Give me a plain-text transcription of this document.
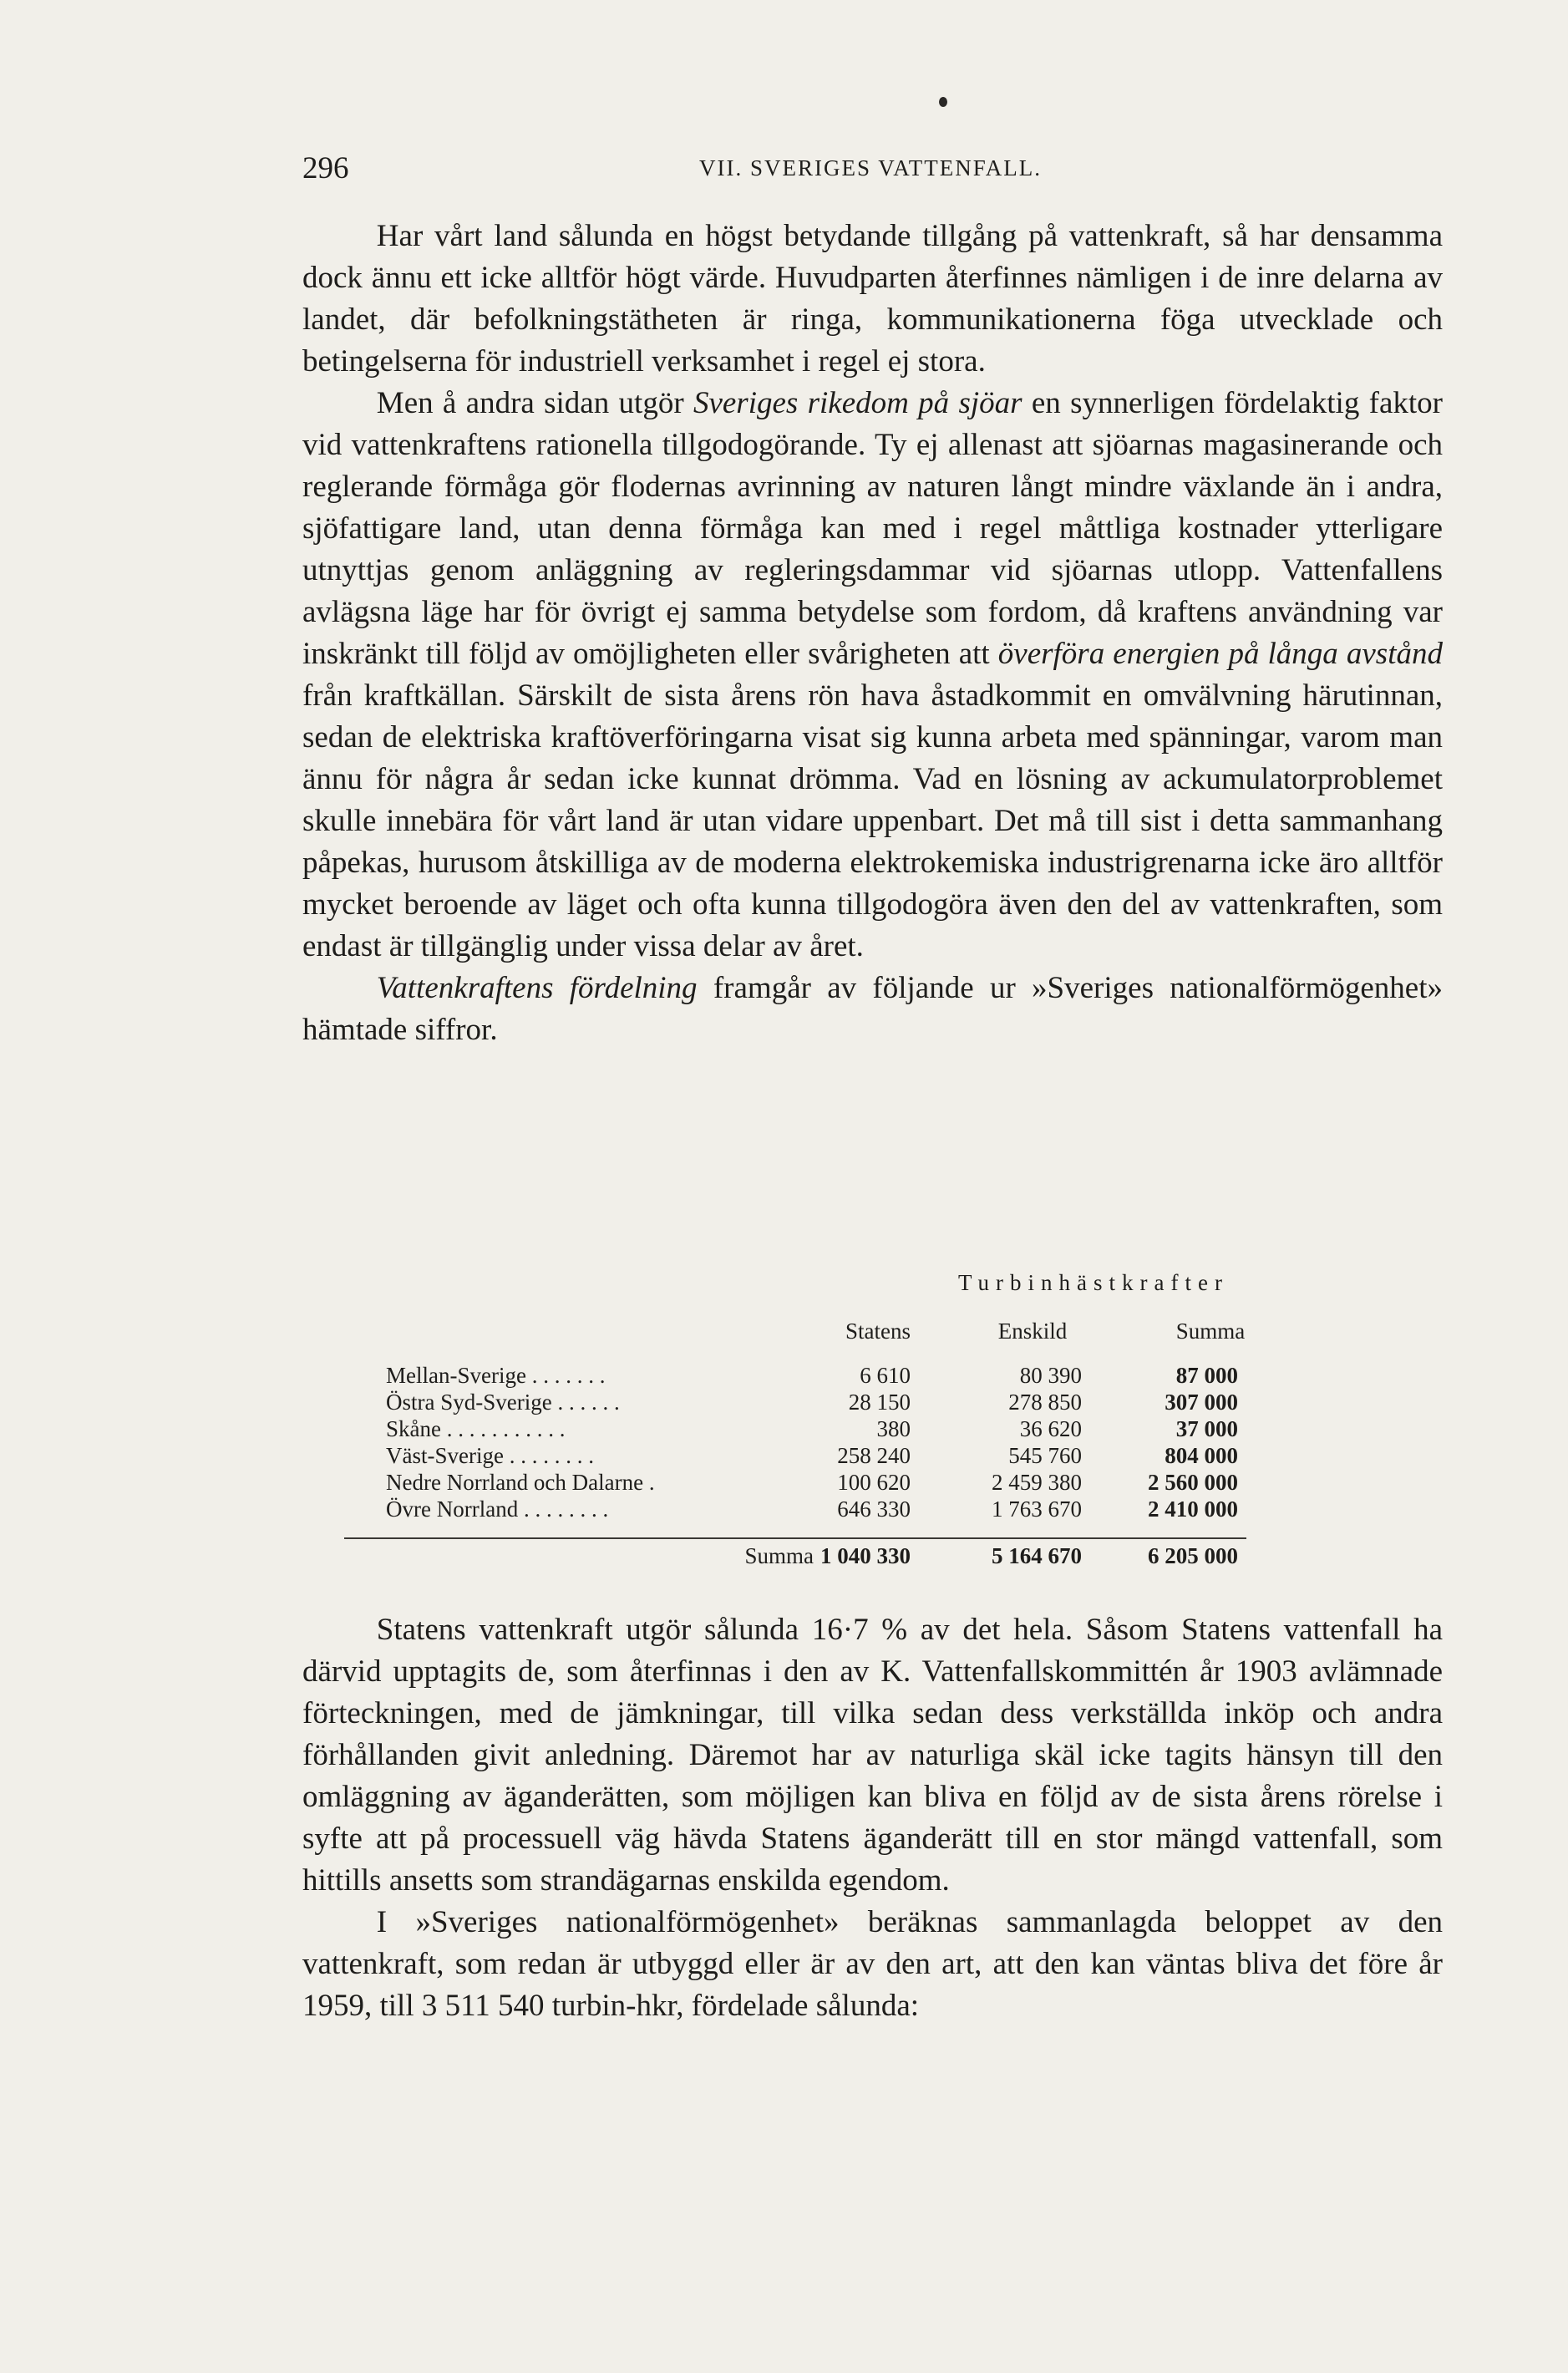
296	VII. SVERIGES VATTENFALL.

Har vårt land sålunda en högst betydande tillgång på vattenkraft, så har densamma dock ännu ett icke alltför högt värde. Huvudparten återfinnes nämligen i de inre delarna av landet, där befolkningstätheten är ringa, kommunikationerna föga utvecklade och betingelserna för industriell verksamhet i regel ej stora.

Men å andra sidan utgör Sveriges rikedom på sjöar en synnerligen fördelaktig faktor vid vattenkraftens rationella tillgodogörande. Ty ej allenast att sjöarnas magasinerande och reglerande förmåga gör flodernas avrinning av naturen långt mindre växlande än i andra, sjöfattigare land, utan denna förmåga kan med i regel måttliga kostnader ytterligare utnyttjas genom anläggning av regleringsdammar vid sjöarnas utlopp. Vattenfallens avlägsna läge har för övrigt ej samma betydelse som fordom, då kraftens användning var inskränkt till följd av omöjligheten eller svårigheten att överföra energien på långa avstånd från kraftkällan. Särskilt de sista årens rön hava åstadkommit en omvälvning härutinnan, sedan de elektriska kraftöverföringarna visat sig kunna arbeta med spänningar, varom man ännu för några år sedan icke kunnat drömma. Vad en lösning av ackumulatorproblemet skulle innebära för vårt land är utan vidare uppenbart. Det må till sist i detta sammanhang påpekas, hurusom åtskilliga av de moderna elektrokemiska industrigrenarna icke äro alltför mycket beroende av läget och ofta kunna tillgodogöra även den del av vattenkraften, som endast är tillgänglig under vissa delar av året.

Vattenkraftens fördelning framgår av följande ur »Sveriges nationalförmögenhet» hämtade siffror.

Turbinhästkrafter
Statens	Enskild	Summa
Mellan-Sverige . . . . . . .	6 610	80 390	87 000
Östra Syd-Sverige . . . . . .	28 150	278 850	307 000
Skåne . . . . . . . . . . .	380	36 620	37 000
Väst-Sverige . . . . . . . .	258 240	545 760	804 000
Nedre Norrland och Dalarne .	100 620	2 459 380	2 560 000
Övre Norrland . . . . . . . .	646 330	1 763 670	2 410 000
Summa 1 040 330	5 164 670	6 205 000

Statens vattenkraft utgör sålunda 16·7 % av det hela. Såsom Statens vattenfall ha därvid upptagits de, som återfinnas i den av K. Vattenfallskommittén år 1903 avlämnade förteckningen, med de jämkningar, till vilka sedan dess verkställda inköp och andra förhållanden givit anledning. Däremot har av naturliga skäl icke tagits hänsyn till den omläggning av äganderätten, som möjligen kan bliva en följd av de sista årens rörelse i syfte att på processuell väg hävda Statens äganderätt till en stor mängd vattenfall, som hittills ansetts som strandägarnas enskilda egendom.

I »Sveriges nationalförmögenhet» beräknas sammanlagda beloppet av den vattenkraft, som redan är utbyggd eller är av den art, att den kan väntas bliva det före år 1959, till 3 511 540 turbin-hkr, fördelade sålunda:
